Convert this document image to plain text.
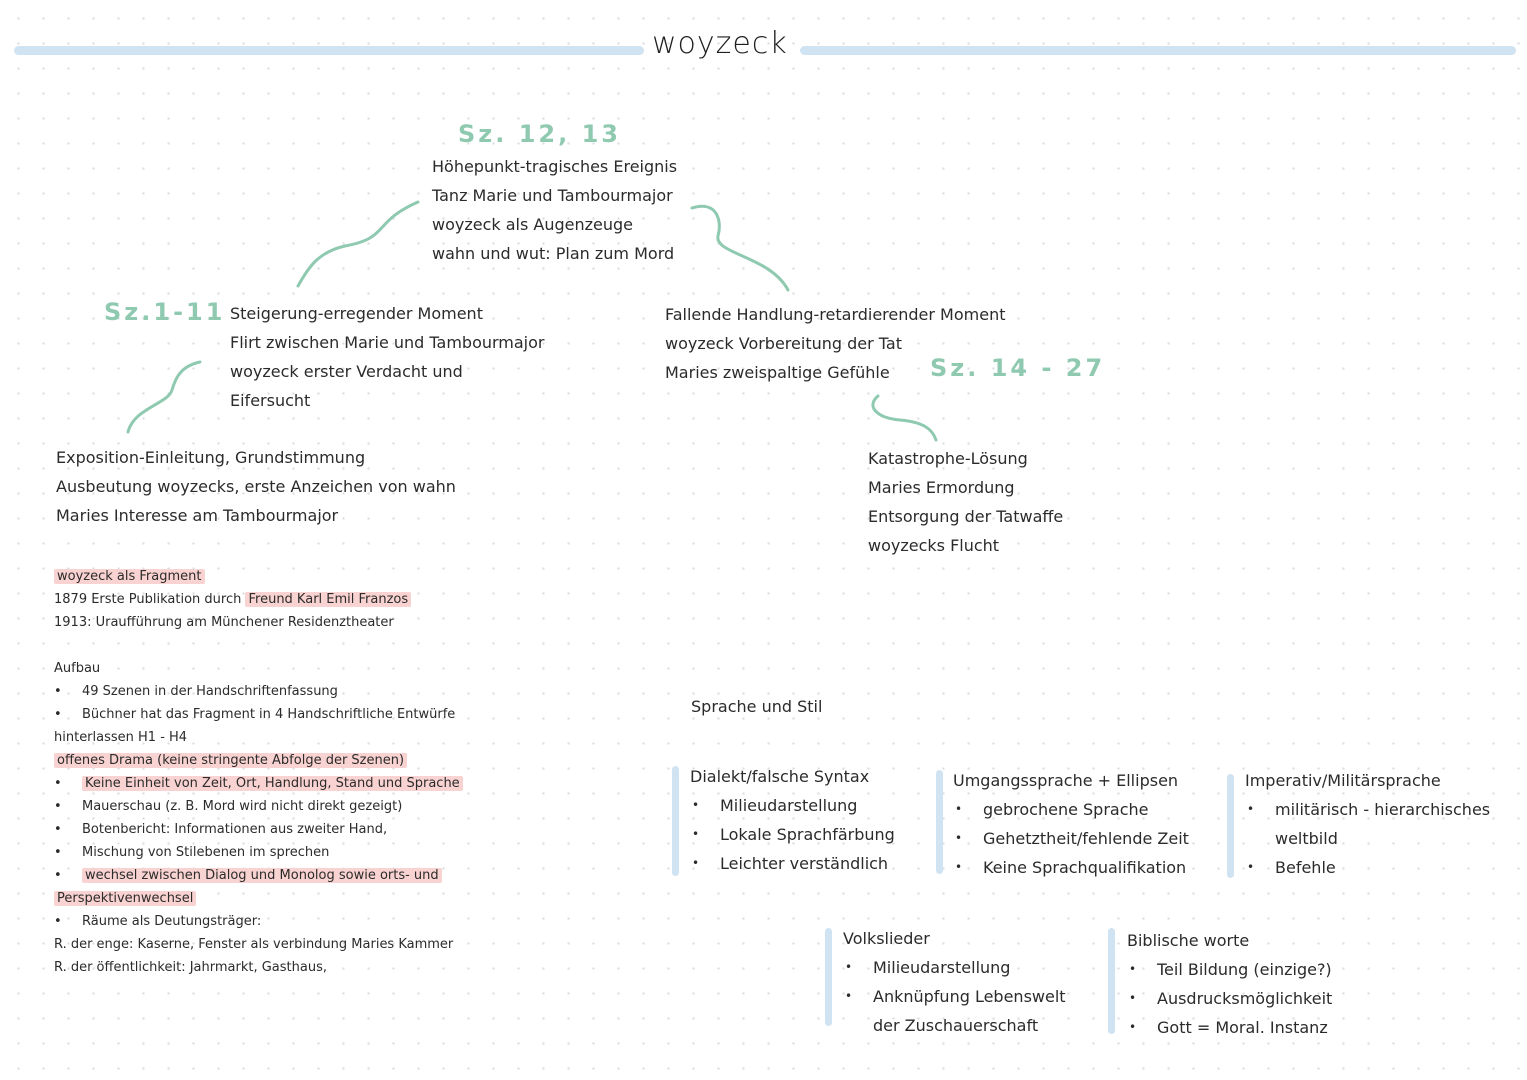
woyzeck
Sz. 12, 13
Höhepunkt-tragisches Ereignis
Tanz Marie und Tambourmajor
woyzeck als Augenzeuge
wahn und wut: Plan zum Mord
Sz.1-11 Steigerung-erregender Moment
Flirt zwischen Marie und Tambourmajor
woyzeck erster Verdacht und
Eifersucht
Fallende Handlung-retardierender Moment
woyzeck Vorbereitung der Tat
Maries zweispaltige Gefühle	Sz. 14 - 27
Exposition-Einleitung, Grundstimmung
Ausbeutung woyzecks, erste Anzeichen von wahn
Maries Interesse am Tambourmajor
Katastrophe-Lösung
Maries Ermordung
Entsorgung der Tatwaffe
woyzecks Flucht
woyzeck als Fragment
1879 Erste Publikation durch Freund Karl Emil Franzos
1913: Uraufführung am Münchener Residenztheater
Aufbau
• 49 Szenen in der Handschriftenfassung
• Büchner hat das Fragment in 4 Handschriftliche Entwürfe
hinterlassen H1 - H4
offenes Drama (keine stringente Abfolge der Szenen)
• Keine Einheit von Zeit, Ort, Handlung, Stand und Sprache
• Mauerschau (z. B. Mord wird nicht direkt gezeigt)
• Botenbericht: Informationen aus zweiter Hand,
• Mischung von Stilebenen im sprechen
• wechsel zwischen Dialog und Monolog sowie orts- und
Perspektivenwechsel
• Räume als Deutungsträger:
R. der enge: Kaserne, Fenster als verbindung Maries Kammer
R. der öffentlichkeit: Jahrmarkt, Gasthaus,
Sprache und Stil
Dialekt/falsche Syntax
• Milieudarstellung
• Lokale Sprachfärbung
• Leichter verständlich
Umgangssprache + Ellipsen
• gebrochene Sprache
• Gehetztheit/fehlende Zeit
• Keine Sprachqualifikation
Imperativ/Militärsprache
• militärisch - hierarchisches
weltbild
• Befehle
Volkslieder
• Milieudarstellung
• Anknüpfung Lebenswelt
der Zuschauerschaft
Biblische worte
• Teil Bildung (einzige?)
• Ausdrucksmöglichkeit
• Gott = Moral. Instanz
